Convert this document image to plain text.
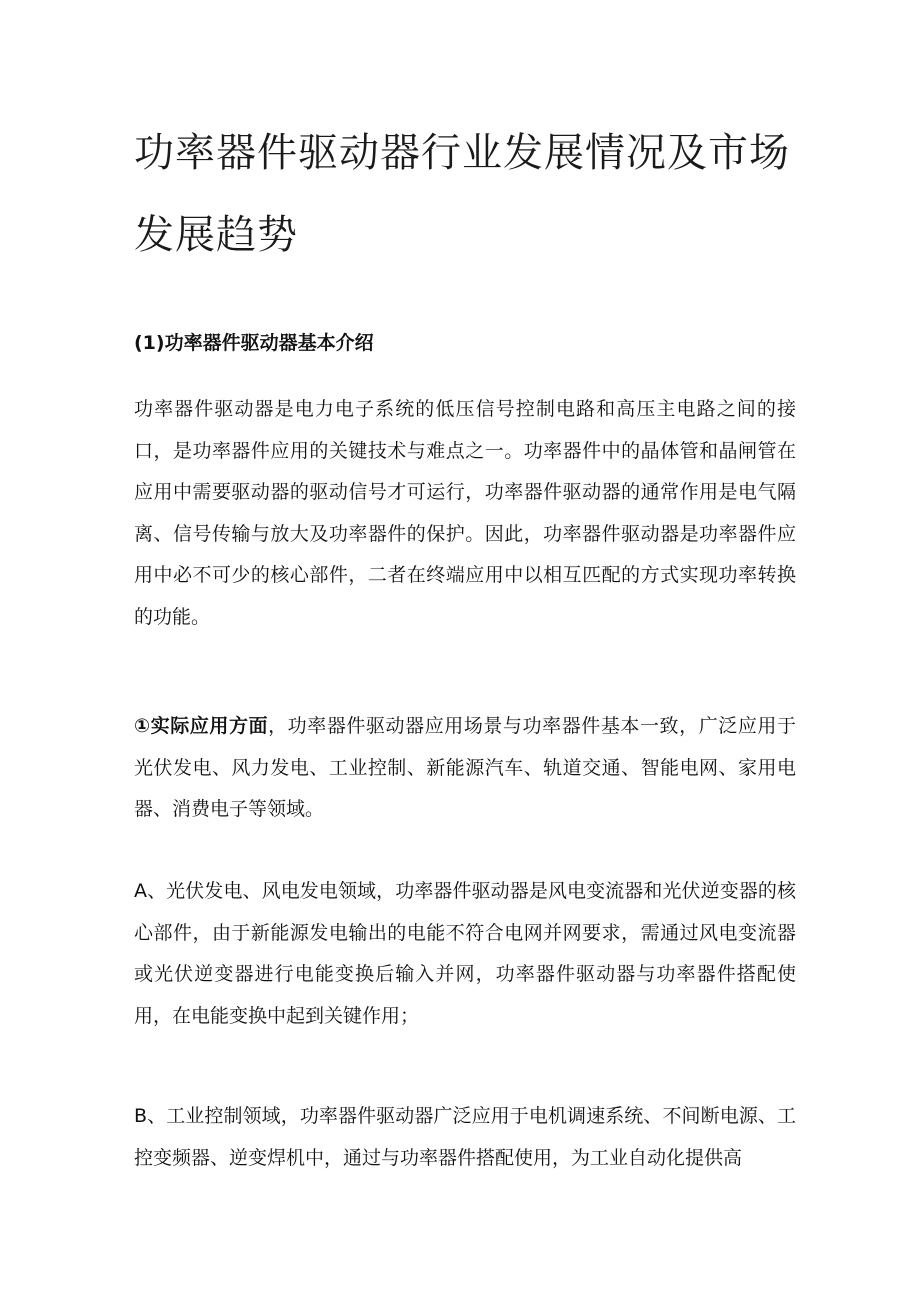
功率器件驱动器行业发展情况及市场发展趋势
(1)功率器件驱动器基本介绍

功率器件驱动器是电力电子系统的低压信号控制电路和高压主电路之间的接口，是功率器件应用的关键技术与难点之一。功率器件中的晶体管和晶闸管在应用中需要驱动器的驱动信号才可运行，功率器件驱动器的通常作用是电气隔离、信号传输与放大及功率器件的保护。因此，功率器件驱动器是功率器件应用中必不可少的核心部件，二者在终端应用中以相互匹配的方式实现功率转换的功能。

①实际应用方面，功率器件驱动器应用场景与功率器件基本一致，广泛应用于光伏发电、风力发电、工业控制、新能源汽车、轨道交通、智能电网、家用电器、消费电子等领域。

A、光伏发电、风电发电领域，功率器件驱动器是风电变流器和光伏逆变器的核心部件，由于新能源发电输出的电能不符合电网并网要求，需通过风电变流器或光伏逆变器进行电能变换后输入并网，功率器件驱动器与功率器件搭配使用，在电能变换中起到关键作用；

B、工业控制领域，功率器件驱动器广泛应用于电机调速系统、不间断电源、工控变频器、逆变焊机中，通过与功率器件搭配使用，为工业自动化提供高
